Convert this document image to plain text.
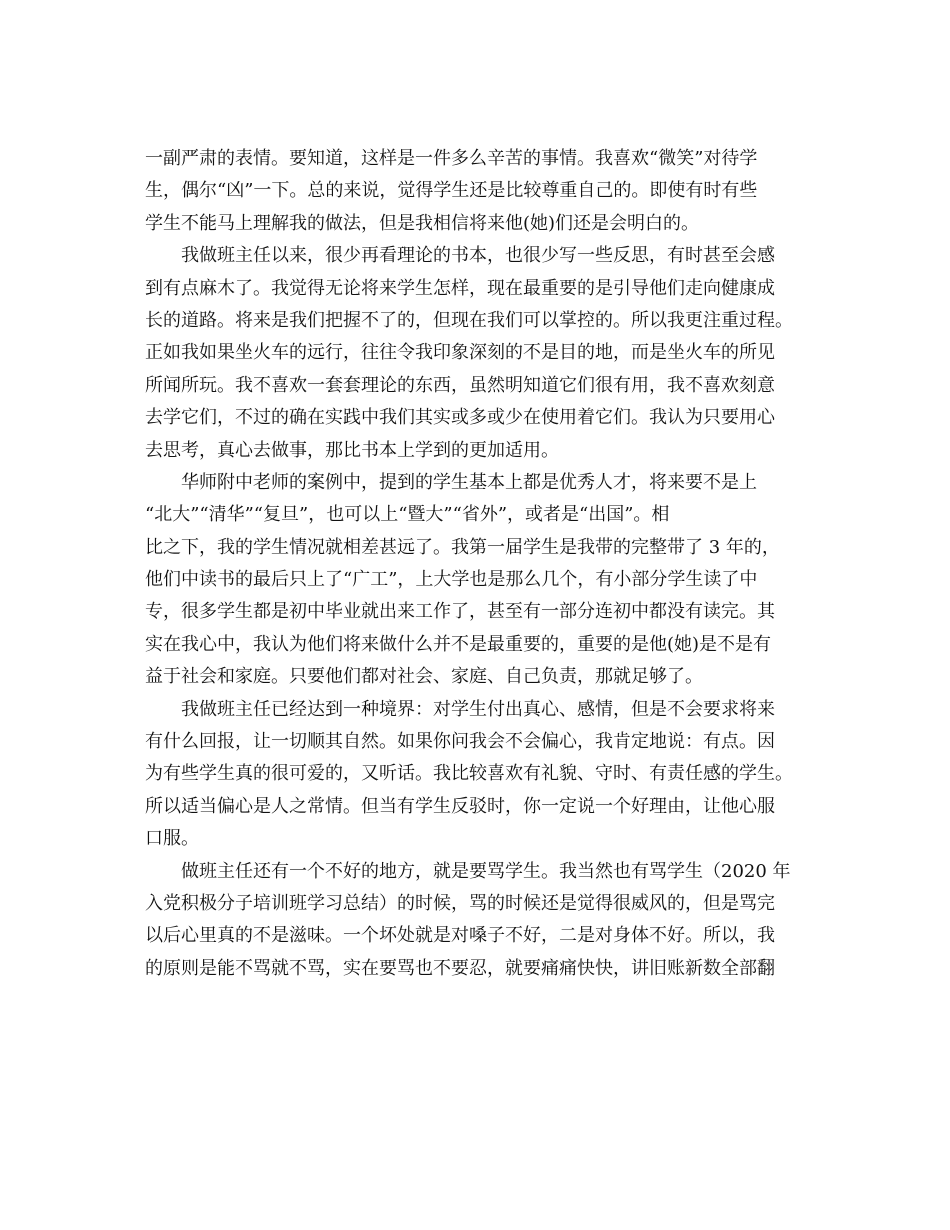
一副严肃的表情。要知道，这样是一件多么辛苦的事情。我喜欢“微笑”对待学
生，偶尔“凶”一下。总的来说，觉得学生还是比较尊重自己的。即使有时有些
学生不能马上理解我的做法，但是我相信将来他(她)们还是会明白的。
我做班主任以来，很少再看理论的书本，也很少写一些反思，有时甚至会感
到有点麻木了。我觉得无论将来学生怎样，现在最重要的是引导他们走向健康成
长的道路。将来是我们把握不了的，但现在我们可以掌控的。所以我更注重过程。
正如我如果坐火车的远行，往往令我印象深刻的不是目的地，而是坐火车的所见
所闻所玩。我不喜欢一套套理论的东西，虽然明知道它们很有用，我不喜欢刻意
去学它们，不过的确在实践中我们其实或多或少在使用着它们。我认为只要用心
去思考，真心去做事，那比书本上学到的更加适用。
华师附中老师的案例中，提到的学生基本上都是优秀人才，将来要不是上
“北大”“清华”“复旦”，也可以上“暨大”“省外”，或者是“出国”。相
比之下，我的学生情况就相差甚远了。我第一届学生是我带的完整带了 3 年的，
他们中读书的最后只上了“广工”，上大学也是那么几个，有小部分学生读了中
专，很多学生都是初中毕业就出来工作了，甚至有一部分连初中都没有读完。其
实在我心中，我认为他们将来做什么并不是最重要的，重要的是他(她)是不是有
益于社会和家庭。只要他们都对社会、家庭、自己负责，那就足够了。
我做班主任已经达到一种境界：对学生付出真心、感情，但是不会要求将来
有什么回报，让一切顺其自然。如果你问我会不会偏心，我肯定地说：有点。因
为有些学生真的很可爱的，又听话。我比较喜欢有礼貌、守时、有责任感的学生。
所以适当偏心是人之常情。但当有学生反驳时，你一定说一个好理由，让他心服
口服。
做班主任还有一个不好的地方，就是要骂学生。我当然也有骂学生（2020 年
入党积极分子培训班学习总结）的时候，骂的时候还是觉得很威风的，但是骂完
以后心里真的不是滋味。一个坏处就是对嗓子不好，二是对身体不好。所以，我
的原则是能不骂就不骂，实在要骂也不要忍，就要痛痛快快，讲旧账新数全部翻
